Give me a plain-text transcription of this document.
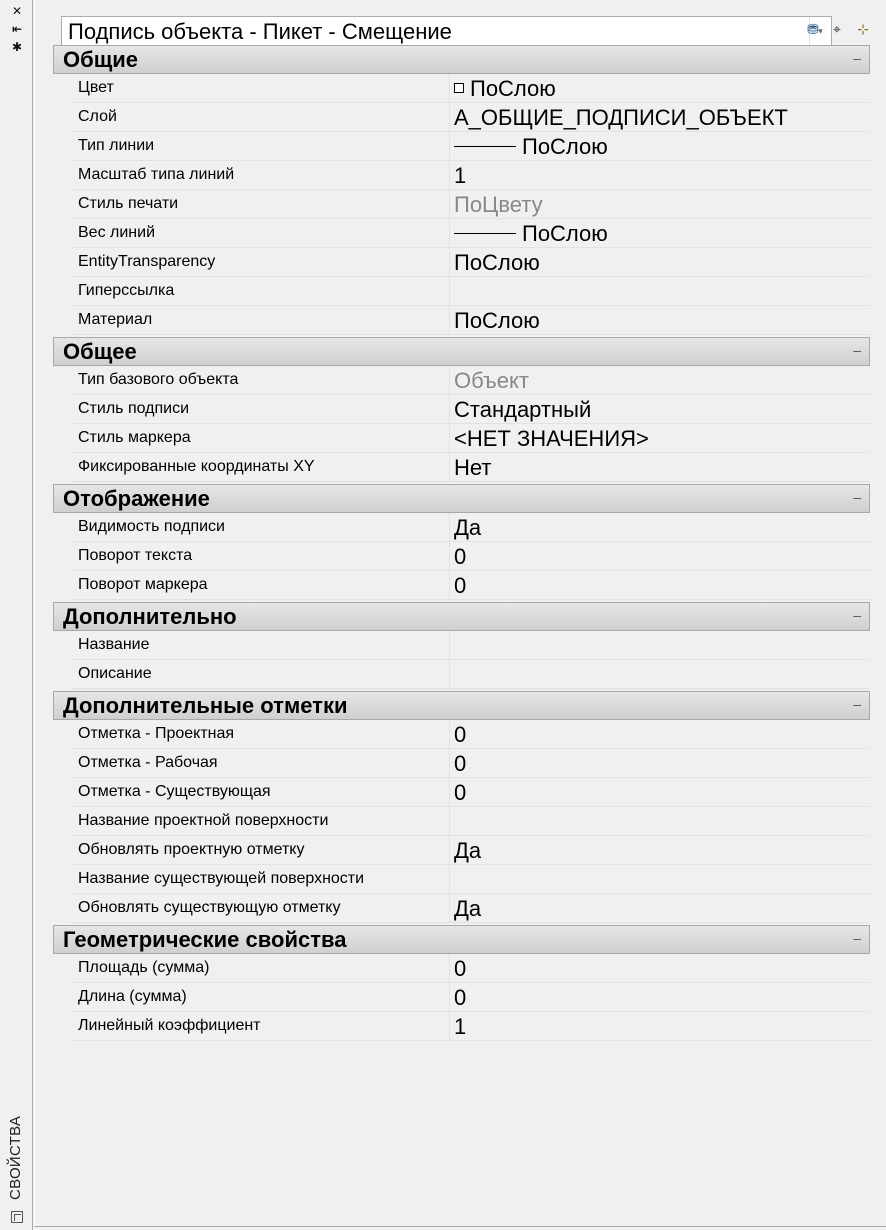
✕
⇤
✱
СВОЙСТВА
Подпись объекта - Пикет - Смещение	▾
⛃	⌖	⊹
Общие	–
Цвет	ПоСлою
Слой	А_ОБЩИЕ_ПОДПИСИ_ОБЪЕКТ
Тип линии	ПоСлою
Масштаб типа линий	1
Стиль печати	ПоЦвету
Вес линий	ПоСлою
EntityTransparency	ПоСлою
Гиперссылка
Материал	ПоСлою
Общее	–
Тип базового объекта	Объект
Стиль подписи	Стандартный
Стиль маркера	<НЕТ ЗНАЧЕНИЯ>
Фиксированные координаты XY	Нет
Отображение	–
Видимость подписи	Да
Поворот текста	0
Поворот маркера	0
Дополнительно	–
Название
Описание
Дополнительные отметки	–
Отметка - Проектная	0
Отметка - Рабочая	0
Отметка - Существующая	0
Название проектной поверхности
Обновлять проектную отметку	Да
Название существующей поверхности
Обновлять существующую отметку	Да
Геометрические свойства	–
Площадь (сумма)	0
Длина (сумма)	0
Линейный коэффициент	1
